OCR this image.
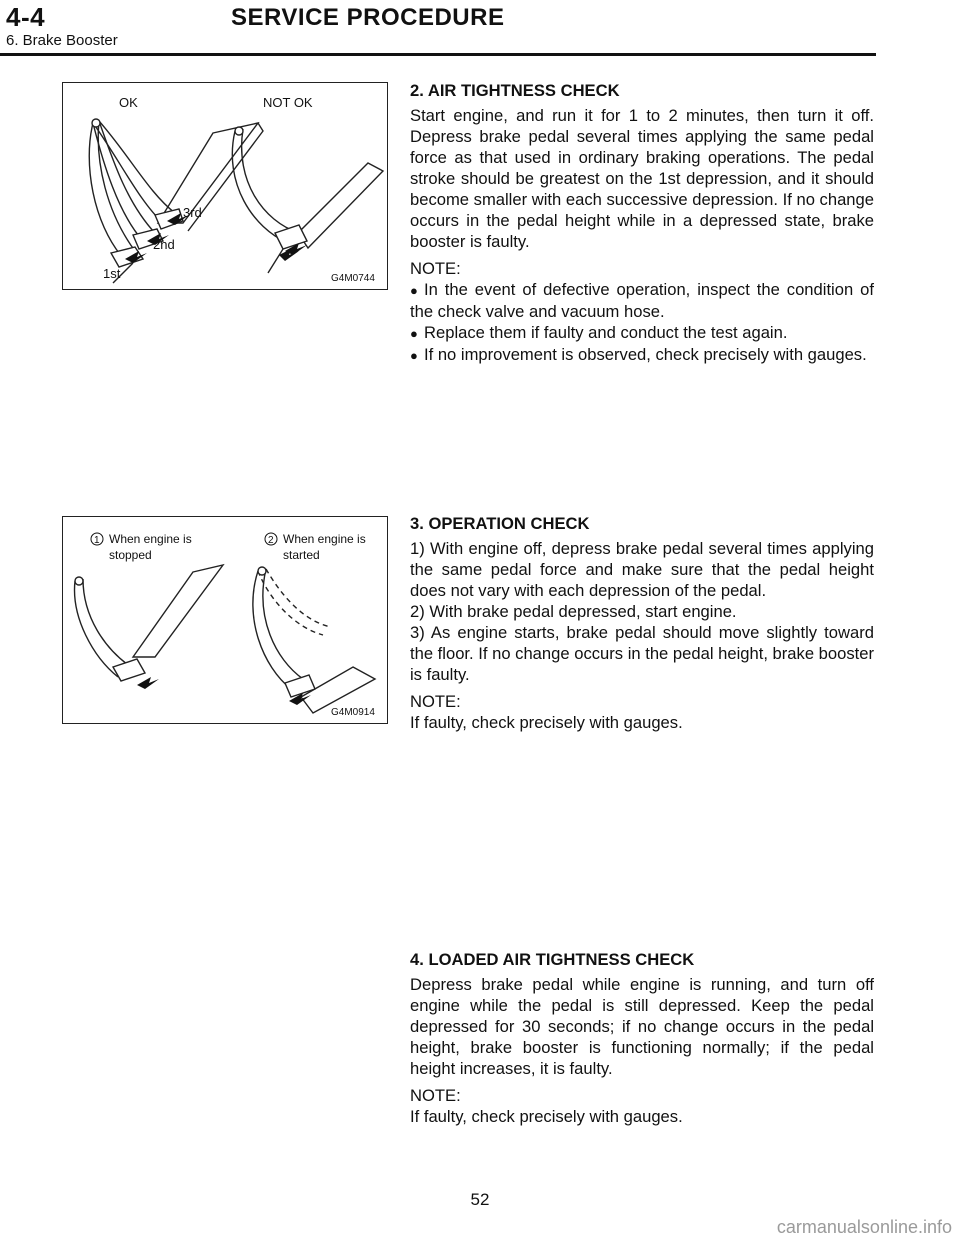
4-4	SERVICE PROCEDURE
6. Brake Booster
OK	NOT OK
1st
2nd
3rd
G4M0744
1 When engine is
stopped
2 When engine is
started
G4M0914
2. AIR TIGHTNESS CHECK

Start engine, and run it for 1 to 2 minutes, then turn it off. Depress brake pedal several times applying the same pedal force as that used in ordinary braking operations. The pedal stroke should be greatest on the 1st depression, and it should become smaller with each successive depression. If no change occurs in the pedal height while in a depressed state, brake booster is faulty.

NOTE:

● In the event of defective operation, inspect the condition of the check valve and vacuum hose.

● Replace them if faulty and conduct the test again.

● If no improvement is observed, check precisely with gauges.

3. OPERATION CHECK

1) With engine off, depress brake pedal several times applying the same pedal force and make sure that the pedal height does not vary with each depression of the pedal.

2) With brake pedal depressed, start engine.

3) As engine starts, brake pedal should move slightly toward the floor. If no change occurs in the pedal height, brake booster is faulty.

NOTE:

If faulty, check precisely with gauges.

4. LOADED AIR TIGHTNESS CHECK

Depress brake pedal while engine is running, and turn off engine while the pedal is still depressed. Keep the pedal depressed for 30 seconds; if no change occurs in the pedal height, brake booster is functioning normally; if the pedal height increases, it is faulty.

NOTE:

If faulty, check precisely with gauges.

52
carmanualsonline.info
